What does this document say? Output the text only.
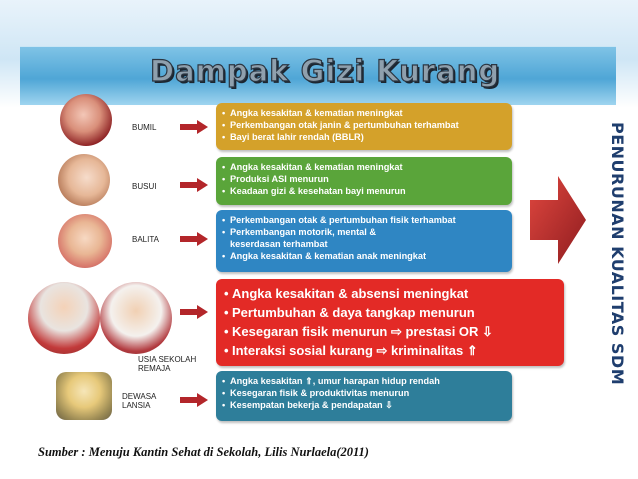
Dampak Gizi Kurang
BUMIL
• Angka kesakitan & kematian meningkat
• Perkembangan otak janin & pertumbuhan terhambat
• Bayi berat lahir rendah (BBLR)
BUSUI
• Angka kesakitan & kematian meningkat
• Produksi ASI menurun
• Keadaan gizi & kesehatan bayi menurun
BALITA
• Perkembangan otak & pertumbuhan fisik terhambat
• Perkembangan motorik, mental &
keserdasan terhambat
• Angka kesakitan & kematian anak meningkat
USIA SEKOLAH
REMAJA
• Angka kesakitan & absensi meningkat
• Pertumbuhan & daya tangkap menurun
• Kesegaran fisik menurun ⇨ prestasi OR ⇩
• Interaksi sosial kurang ⇨ kriminalitas ⇑
DEWASA
LANSIA
• Angka kesakitan ⇑, umur harapan hidup rendah
• Kesegaran fisik & produktivitas menurun
• Kesempatan bekerja & pendapatan ⇩
PENURUNAN KUALITAS SDM
Sumber : Menuju Kantin Sehat di Sekolah, Lilis Nurlaela(2011)
